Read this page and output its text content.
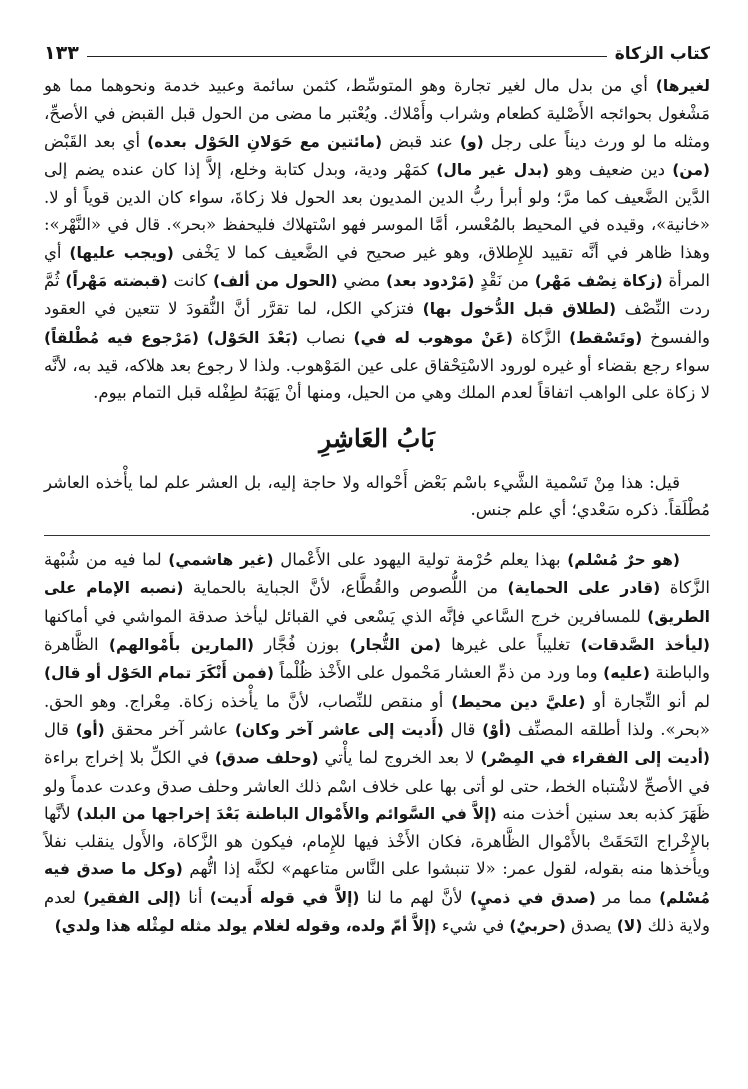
كتاب الزكاة
١٣٣

لغيرها) أي من بدل مال لغير تجارة وهو المتوسِّط، كثمن سائمة وعبيد خدمة ونحوهما مما هو مَشْغول بحوائجه الأَصْلية كطعام وشراب وأَمْلاك. ويُعْتبر ما مضى من الحول قبل القبض في الأصحِّ، ومثله ما لو ورث ديناً على رجل (و) عند قبض (مائتين مع حَوَلانِ الحَوْل بعده) أي بعد القَبْض (من) دين ضعيف وهو (بدل غير مال) كمَهْر ودية، وبدل كتابة وخلع، إلاَّ إذا كان عنده يضم إلى الدَّين الضَّعيف كما مرَّ؛ ولو أبرأ ربُّ الدين المديون بعد الحول فلا زكاةَ، سواء كان الدين قوياً أو لا. «خانية»، وقيده في المحيط بالمُعْسر، أمَّا الموسر فهو اسْتهلاك فليحفظ «بحر». قال في «النَّهْر»: وهذا ظاهر في أنَّه تقييد للإِطلاق، وهو غير صحيح في الضَّعيف كما لا يَخْفى (ويجب عليها) أي المرأة (زكاة نِصْف مَهْر) من نَقْدٍ (مَرْدود بعد) مضي (الحول من ألف) كانت (قبضته مَهْراً) ثُمَّ ردت النِّصْف (لطلاق قبل الدُّخول بها) فتزكي الكل، لما تقرَّر أنَّ النُّقودَ لا تتعين في العقود والفسوخ (وتَسْقط) الزَّكاة (عَنْ موهوب له في) نصاب (بَعْدَ الحَوْل) (مَرْجوع فيه مُطْلقاً) سواء رجع بقضاء أو غيره لورود الاسْتِحْقاق على عين المَوْهوب. ولذا لا رجوع بعد هلاكه، قيد به، لأنَّه لا زكاة على الواهب اتفاقاً لعدم الملك وهي من الحيل، ومنها أنْ يَهَبَهُ لطِفْله قبل التمام بيوم.

بَابُ العَاشِرِ

قيل: هذا مِنْ تَسْمية الشَّيء باسْم بَعْض أَحْواله ولا حاجة إليه، بل العشر علم لما يأْخذه العاشر مُطْلَقاً. ذكره سَعْدي؛ أي علم جنس.

(هو حرٌ مُسْلم) بهذا يعلم حُرْمة تولية اليهود على الأَعْمال (غير هاشمي) لما فيه من شُبْهة الزَّكاة (قادر على الحماية) من اللُّصوص والقُطَّاع، لأنَّ الجباية بالحماية (نصبه الإمام على الطريق) للمسافرين خرج السَّاعي فإنَّه الذي يَسْعى في القبائل ليأخذ صدقة المواشي في أماكنها (ليأخذ الصَّدقات) تغليباً على غيرها (من التُّجار) بوزن فُجَّار (المارين بأَمْوالهم) الظَّاهرة والباطنة (عليه) وما ورد من ذمِّ العشار مَحْمول على الأَخْذ ظُلْماً (فمن أَنْكَرَ تمام الحَوْل أو قال) لم أنو التِّجارة أو (عليَّ دين محيط) أو منقص للنِّصاب، لأنَّ ما يأْخذه زكاة. مِعْراج. وهو الحق. «بحر». ولذا أطلقه المصنِّف (أوْ) قال (أَديت إلى عاشر آخر وكان) عاشر آخر محقق (أو) قال (أديت إلى الفقراء في المِصْر) لا بعد الخروج لما يأْتي (وحلف صدق) في الكلِّ بلا إخراج براءة في الأصحِّ لاشْتباه الخط، حتى لو أتى بها على خلاف اسْم ذلك العاشر وحلف صدق وعدت عدماً ولو ظَهَرَ كذبه بعد سنين أخذت منه (إلاَّ في السَّوائم والأَمْوال الباطنة بَعْدَ إخراجها من البلد) لأنَّها بالإِخْراج التَحَقَتْ بالأَمْوال الظَّاهرة، فكان الأَخْذ فيها للإِمام، فيكون هو الزَّكاة، والأَول ينقلب نفلاً ويأخذها منه بقوله، لقول عمر: «لا تنبشوا على النَّاس متاعهم» لكنَّه إذا اتُّهم (وكل ما صدق فيه مُسْلم) مما مر (صدق في ذميٍ) لأنَّ لهم ما لنا (إلاَّ في قوله أَديت) أنا (إلى الفقير) لعدم ولاية ذلك (لا) يصدق (حربيٌ) في شيء (إلاَّ أمّ ولده، وقوله لغلام يولد مثله لمِثْله هذا ولدي)
